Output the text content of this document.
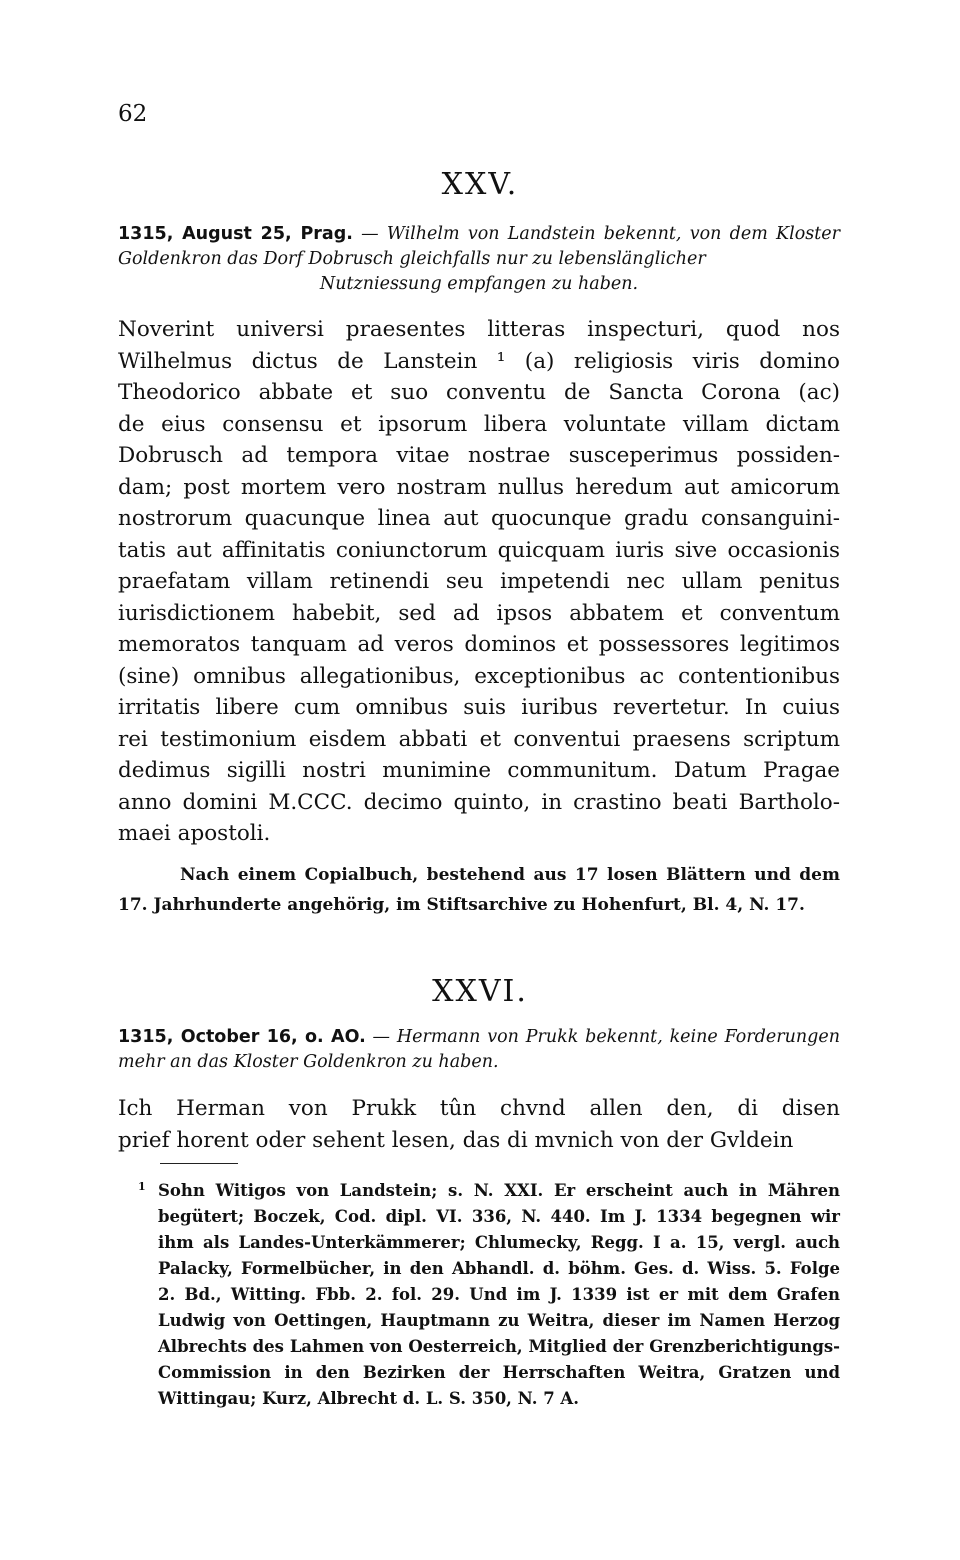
62
XXV.
1315, August 25, Prag. — Wilhelm von Landstein bekennt, von dem Kloster Goldenkron das Dorf Dobrusch gleichfalls nur zu lebenslänglicher
Nutzniessung empfangen zu haben.
Noverint universi praesentes litteras inspecturi, quod nos
Wilhelmus dictus de Lanstein ¹ (a) religiosis viris domino
Theodorico abbate et suo conventu de Sancta Corona (ac)
de eius consensu et ipsorum libera voluntate villam dictam
Dobrusch ad tempora vitae nostrae susceperimus possiden-
dam; post mortem vero nostram nullus heredum aut amicorum
nostrorum quacunque linea aut quocunque gradu consanguini-
tatis aut affinitatis coniunctorum quicquam iuris sive occasionis
praefatam villam retinendi seu impetendi nec ullam penitus
iurisdictionem habebit, sed ad ipsos abbatem et conventum
memoratos tanquam ad veros dominos et possessores legitimos
(sine) omnibus allegationibus, exceptionibus ac contentionibus
irritatis libere cum omnibus suis iuribus revertetur. In cuius
rei testimonium eisdem abbati et conventui praesens scriptum
dedimus sigilli nostri munimine communitum. Datum Pragae
anno domini M.CCC. decimo quinto, in crastino beati Bartholo-
maei apostoli.
Nach einem Copialbuch, bestehend aus 17 losen Blättern und dem
17. Jahrhunderte angehörig, im Stiftsarchive zu Hohenfurt, Bl. 4, N. 17.
XXVI.
1315, October 16, o. AO. — Hermann von Prukk bekennt, keine Forderungen mehr an das Kloster Goldenkron zu haben.
Ich Herman von Prukk tûn chvnd allen den, di disen
prief horent oder sehent lesen, das di mvnich von der Gvldein
1 Sohn Witigos von Landstein; s. N. XXI. Er erscheint auch in Mähren
begütert; Boczek, Cod. dipl. VI. 336, N. 440. Im J. 1334 begegnen wir
ihm als Landes-Unterkämmerer; Chlumecky, Regg. I a. 15, vergl. auch
Palacky, Formelbücher, in den Abhandl. d. böhm. Ges. d. Wiss. 5. Folge
2. Bd., Witting. Fbb. 2. fol. 29. Und im J. 1339 ist er mit dem Grafen
Ludwig von Oettingen, Hauptmann zu Weitra, dieser im Namen Herzog
Albrechts des Lahmen von Oesterreich, Mitglied der Grenzberichtigungs-
Commission in den Bezirken der Herrschaften Weitra, Gratzen und
Wittingau; Kurz, Albrecht d. L. S. 350, N. 7 A.
